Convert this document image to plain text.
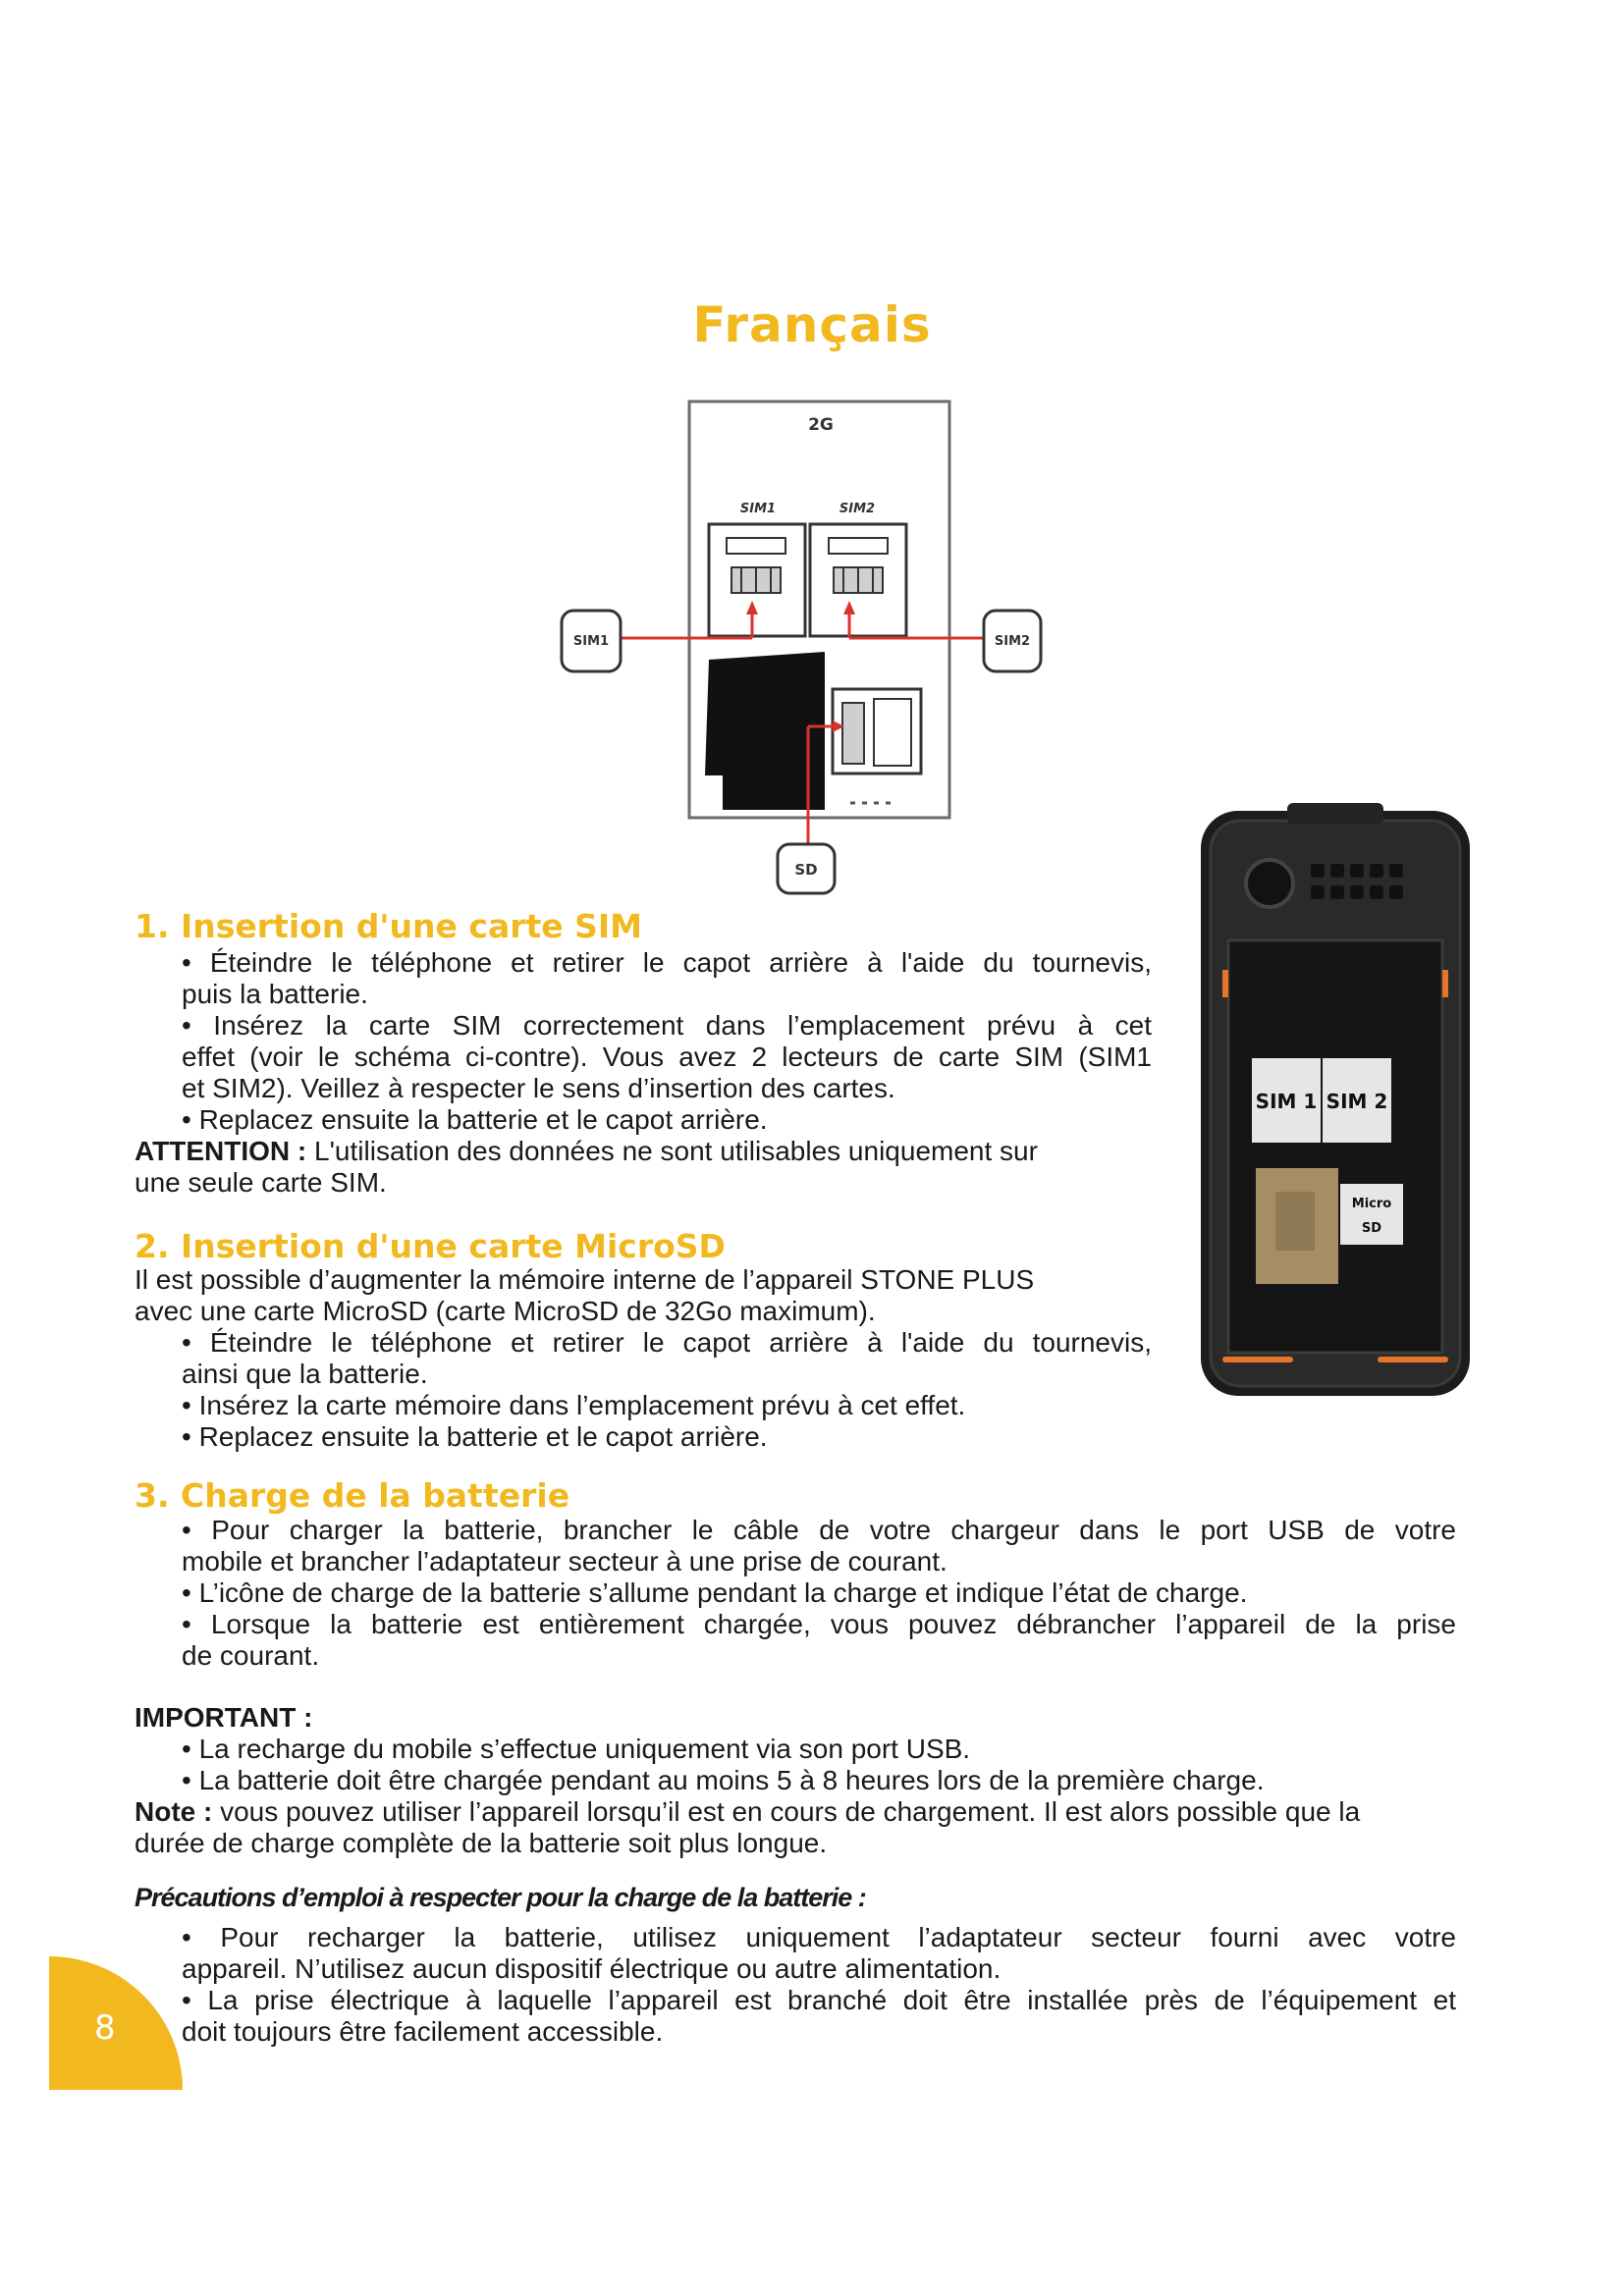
Français
2G
SIM1	SIM2
SIM1	SIM2
SD
SIM 1 SIM 2
Micro
SD
1. Insertion d'une carte SIM
• Éteindre le téléphone et retirer le capot arrière à l'aide du tournevis,
puis la batterie.
• Insérez la carte SIM correctement dans l’emplacement prévu à cet
effet (voir le schéma ci-contre). Vous avez 2 lecteurs de carte SIM (SIM1
et SIM2). Veillez à respecter le sens d’insertion des cartes.
• Replacez ensuite la batterie et le capot arrière.
ATTENTION : L'utilisation des données ne sont utilisables uniquement sur
une seule carte SIM.
2. Insertion d'une carte MicroSD
Il est possible d’augmenter la mémoire interne de l’appareil STONE PLUS
avec une carte MicroSD (carte MicroSD de 32Go maximum).
• Éteindre le téléphone et retirer le capot arrière à l'aide du tournevis,
ainsi que la batterie.
• Insérez la carte mémoire dans l’emplacement prévu à cet effet.
• Replacez ensuite la batterie et le capot arrière.
3. Charge de la batterie
• Pour charger la batterie, brancher le câble de votre chargeur dans le port USB de votre
mobile et brancher l’adaptateur secteur à une prise de courant.
• L’icône de charge de la batterie s’allume pendant la charge et indique l’état de charge.
• Lorsque la batterie est entièrement chargée, vous pouvez débrancher l’appareil de la prise
de courant.
IMPORTANT :
• La recharge du mobile s’effectue uniquement via son port USB.
• La batterie doit être chargée pendant au moins 5 à 8 heures lors de la première charge.
Note : vous pouvez utiliser l’appareil lorsqu’il est en cours de chargement. Il est alors possible que la
durée de charge complète de la batterie soit plus longue.
Précautions d’emploi à respecter pour la charge de la batterie :
• Pour recharger la batterie, utilisez uniquement l’adaptateur secteur fourni avec votre
appareil. N’utilisez aucun dispositif électrique ou autre alimentation.
• La prise électrique à laquelle l’appareil est branché doit être installée près de l’équipement et
doit toujours être facilement accessible.
8
